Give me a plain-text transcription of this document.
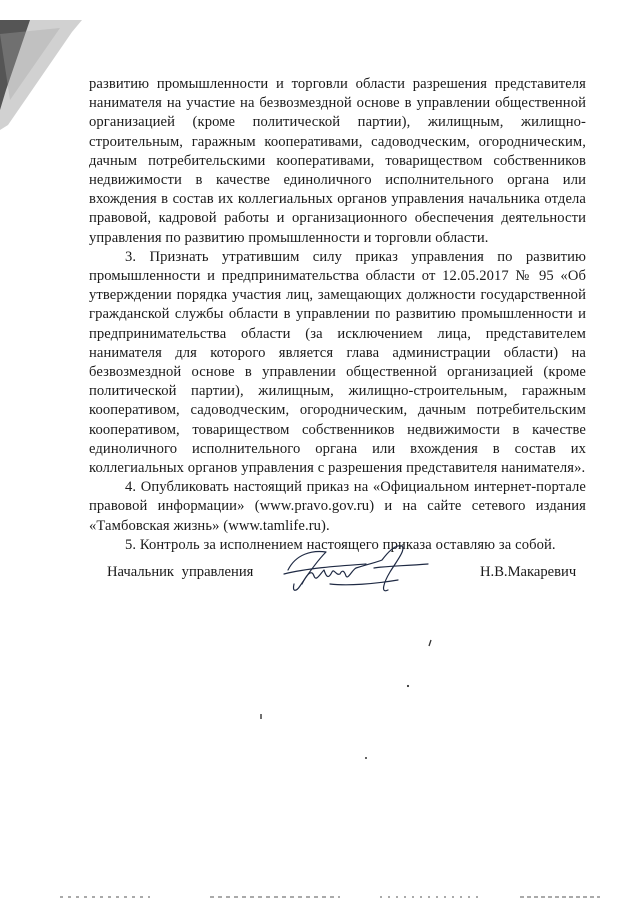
развитию промышленности и торговли области разрешения представителя нанимателя на участие на безвозмездной основе в управлении общественной организацией (кроме политической партии), жилищным, жилищно-строительным, гаражным кооперативами, садоводческим, огородническим, дачным потребительскими кооперативами, товариществом собственников недвижимости в качестве единоличного исполнительного органа или вхождения в состав их коллегиальных органов управления начальника отдела правовой, кадровой работы и организационного обеспечения деятельности управления по развитию промышленности и торговли области.

3. Признать утратившим силу приказ управления по развитию промышленности и предпринимательства области от 12.05.2017 № 95 «Об утверждении порядка участия лиц, замещающих должности государственной гражданской службы области в управлении по развитию промышленности и предпринимательства области (за исключением лица, представителем нанимателя для которого является глава администрации области) на безвозмездной основе в управлении общественной организацией (кроме политической партии), жилищным, жилищно-строительным, гаражным кооперативом, садоводческим, огородническим, дачным потребительским кооперативом, товариществом собственников недвижимости в качестве единоличного исполнительного органа или вхождения в состав их коллегиальных органов управления с разрешения представителя нанимателя».

4. Опубликовать настоящий приказ на «Официальном интернет-портале правовой информации» (www.pravo.gov.ru) и на сайте сетевого издания «Тамбовская жизнь» (www.tamlife.ru).

5. Контроль за исполнением настоящего приказа оставляю за собой.

Начальник управления	Н.В.Макаревич
